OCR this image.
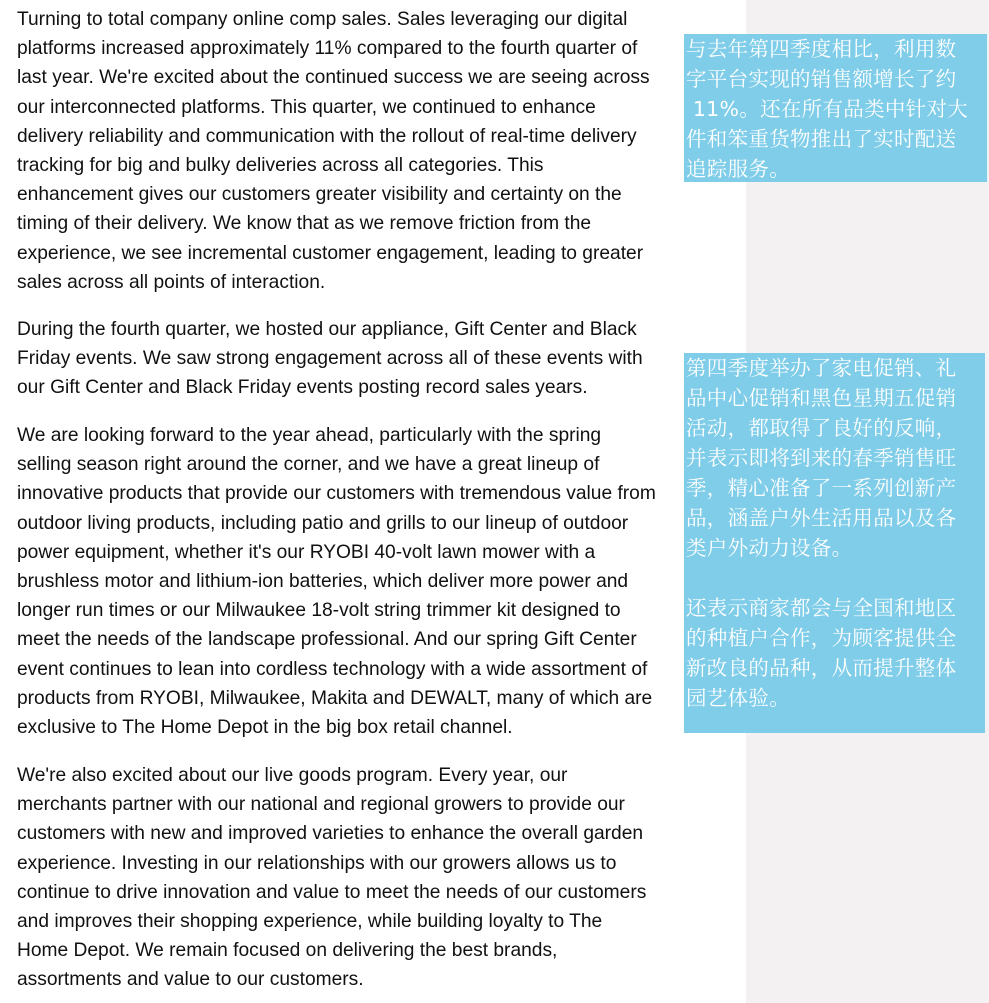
Turning to total company online comp sales. Sales leveraging our digital
platforms increased approximately 11% compared to the fourth quarter of
last year. We're excited about the continued success we are seeing across
our interconnected platforms. This quarter, we continued to enhance
delivery reliability and communication with the rollout of real-time delivery
tracking for big and bulky deliveries across all categories. This
enhancement gives our customers greater visibility and certainty on the
timing of their delivery. We know that as we remove friction from the
experience, we see incremental customer engagement, leading to greater
sales across all points of interaction.

During the fourth quarter, we hosted our appliance, Gift Center and Black
Friday events. We saw strong engagement across all of these events with
our Gift Center and Black Friday events posting record sales years.

We are looking forward to the year ahead, particularly with the spring
selling season right around the corner, and we have a great lineup of
innovative products that provide our customers with tremendous value from
outdoor living products, including patio and grills to our lineup of outdoor
power equipment, whether it's our RYOBI 40-volt lawn mower with a
brushless motor and lithium-ion batteries, which deliver more power and
longer run times or our Milwaukee 18-volt string trimmer kit designed to
meet the needs of the landscape professional. And our spring Gift Center
event continues to lean into cordless technology with a wide assortment of
products from RYOBI, Milwaukee, Makita and DEWALT, many of which are
exclusive to The Home Depot in the big box retail channel.

We're also excited about our live goods program. Every year, our
merchants partner with our national and regional growers to provide our
customers with new and improved varieties to enhance the overall garden
experience. Investing in our relationships with our growers allows us to
continue to drive innovation and value to meet the needs of our customers
and improves their shopping experience, while building loyalty to The
Home Depot. We remain focused on delivering the best brands,
assortments and value to our customers.

与去年第四季度相比，利用数
字平台实现的销售额增长了约
11%。还在所有品类中针对大
件和笨重货物推出了实时配送
追踪服务。
第四季度举办了家电促销、礼
品中心促销和黑色星期五促销
活动，都取得了良好的反响，
并表示即将到来的春季销售旺
季，精心准备了一系列创新产
品，涵盖户外生活用品以及各
类户外动力设备。

还表示商家都会与全国和地区
的种植户合作，为顾客提供全
新改良的品种，从而提升整体
园艺体验。
